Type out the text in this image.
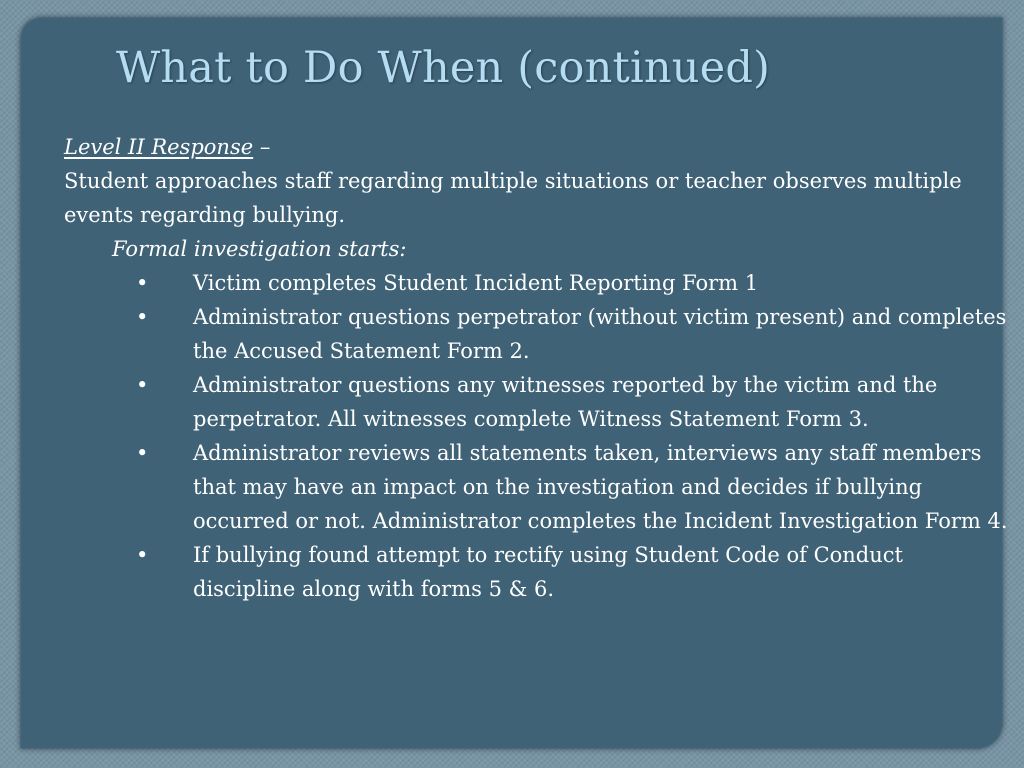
What to Do When (continued)
Level II Response –

Student approaches staff regarding multiple situations or teacher observes multiple events regarding bullying.

Formal investigation starts:

• Victim completes Student Incident Reporting Form 1
• Administrator questions perpetrator (without victim present) and completes the Accused Statement Form 2.
• Administrator questions any witnesses reported by the victim and the perpetrator. All witnesses complete Witness Statement Form 3.
• Administrator reviews all statements taken, interviews any staff members that may have an impact on the investigation and decides if bullying occurred or not. Administrator completes the Incident Investigation Form 4.
• If bullying found attempt to rectify using Student Code of Conduct discipline along with forms 5 & 6.
